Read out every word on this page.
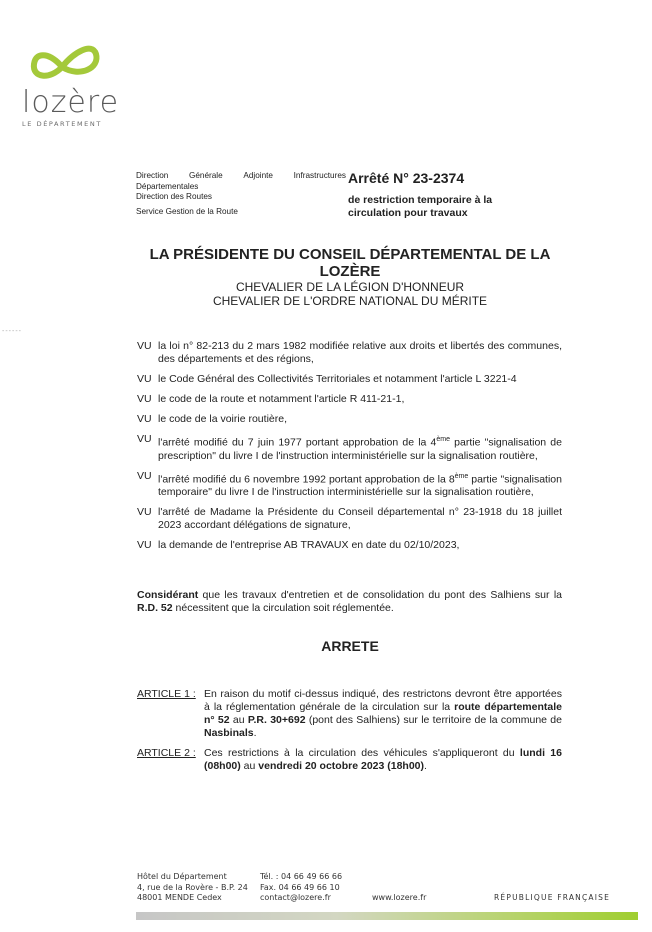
lozère
LE DÉPARTEMENT
Direction	Générale	Adjointe	Infrastructures
Départementales
Direction des Routes
Service Gestion de la Route
Arrêté N° 23-2374
de restriction temporaire à la circulation pour travaux
LA PRÉSIDENTE DU CONSEIL DÉPARTEMENTAL DE LA LOZÈRE
CHEVALIER DE LA LÉGION D'HONNEUR
CHEVALIER DE L'ORDRE NATIONAL DU MÉRITE
------
VU la loi n° 82-213 du 2 mars 1982 modifiée relative aux droits et libertés des communes, des départements et des régions,
VU le Code Général des Collectivités Territoriales et notamment l'article L 3221-4
VU le code de la route et notamment l'article R 411-21-1,
VU le code de la voirie routière,
VU l'arrêté modifié du 7 juin 1977 portant approbation de la 4ème partie "signalisation de prescription" du livre I de l'instruction interministérielle sur la signalisation routière,
VU l'arrêté modifié du 6 novembre 1992 portant approbation de la 8ème partie "signalisation temporaire" du livre I de l'instruction interministérielle sur la signalisation routière,
VU l'arrêté de Madame la Présidente du Conseil départemental n° 23-1918 du 18 juillet 2023 accordant délégations de signature,
VU la demande de l'entreprise AB TRAVAUX en date du 02/10/2023,
Considérant que les travaux d'entretien et de consolidation du pont des Salhiens sur la R.D. 52 nécessitent que la circulation soit réglementée.
ARRETE
ARTICLE 1 : En raison du motif ci-dessus indiqué, des restrictons devront être apportées à la réglementation générale de la circulation sur la route départementale n° 52 au P.R. 30+692 (pont des Salhiens) sur le territoire de la commune de Nasbinals.
ARTICLE 2 : Ces restrictions à la circulation des véhicules s'appliqueront du lundi 16 (08h00) au vendredi 20 octobre 2023 (18h00).
Hôtel du Département
4, rue de la Rovère - B.P. 24
48001 MENDE Cedex
Tél. : 04 66 49 66 66
Fax. 04 66 49 66 10
contact@lozere.fr	www.lozere.fr	RÉPUBLIQUE FRANÇAISE
